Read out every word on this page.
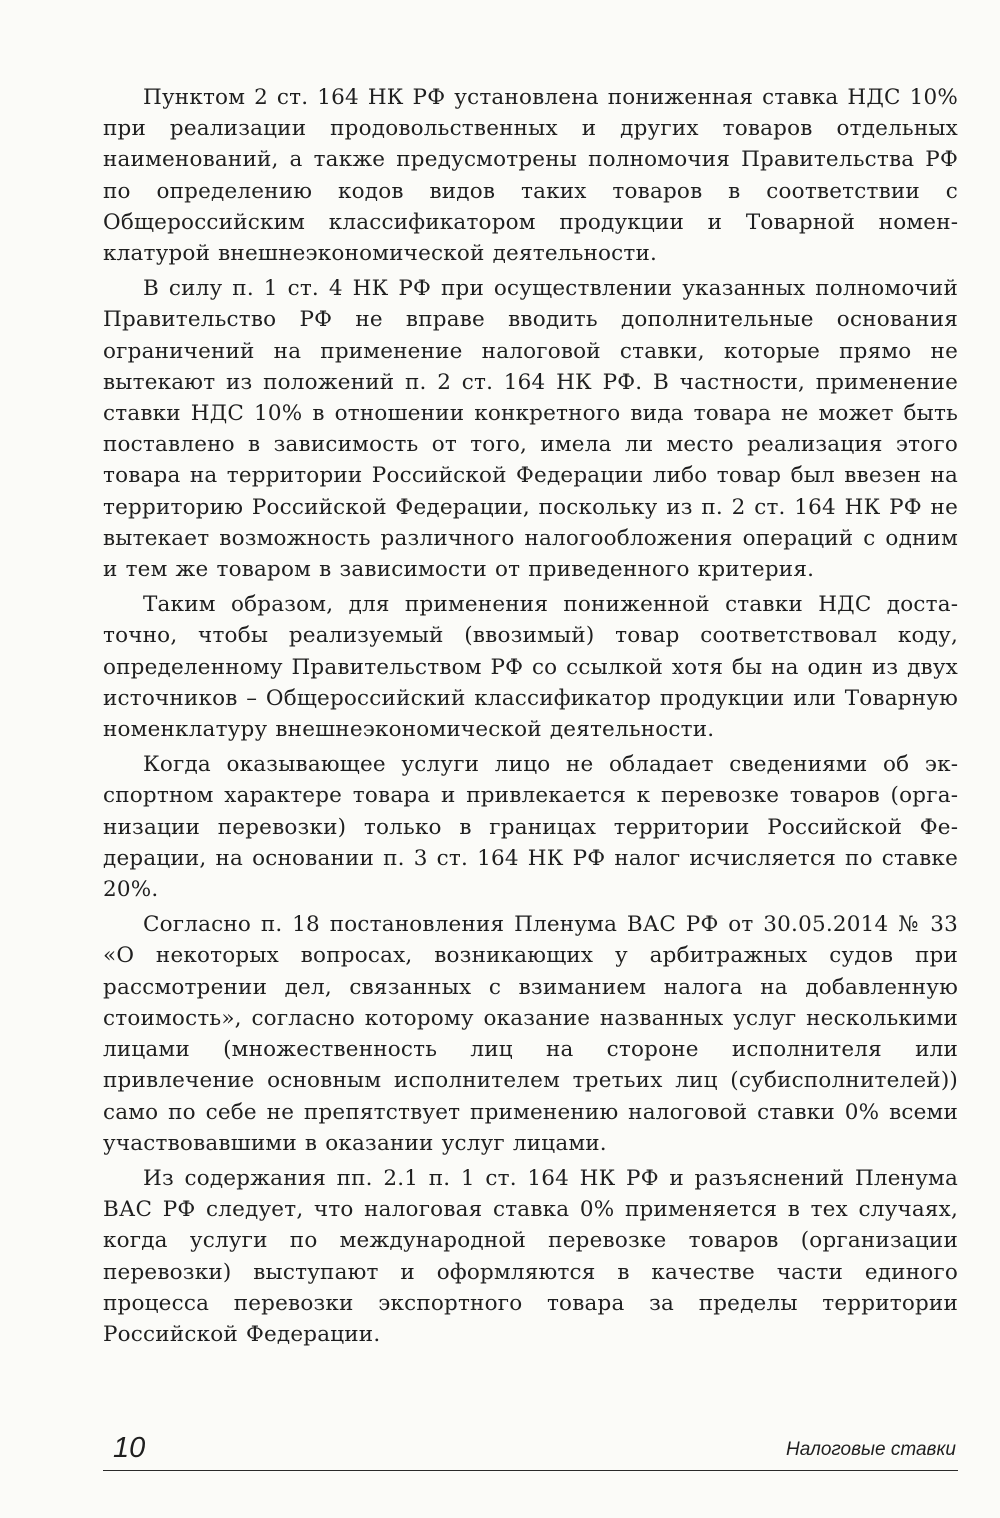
Пунктом 2 ст. 164 НК РФ установлена пониженная ставка НДС 10% при реализации продовольственных и других товаров отдельных наименований, а также предусмотрены полномочия Правительства РФ по определению кодов видов таких товаров в соответствии с Общероссийским классификатором продукции и Товарной номенклатурой внешнеэкономической деятельности.

В силу п. 1 ст. 4 НК РФ при осуществлении указанных полномочий Правительство РФ не вправе вводить дополнительные основания ограничений на применение налоговой ставки, которые прямо не вытекают из положений п. 2 ст. 164 НК РФ. В частности, применение ставки НДС 10% в отношении конкретного вида товара не может быть поставлено в зависимость от того, имела ли место реализация этого товара на территории Российской Федерации либо товар был ввезен на территорию Российской Федерации, поскольку из п. 2 ст. 164 НК РФ не вытекает возможность различного налогообложения операций с одним и тем же товаром в зависимости от приведенного критерия.

Таким образом, для применения пониженной ставки НДС достаточно, чтобы реализуемый (ввозимый) товар соответствовал коду, определенному Правительством РФ со ссылкой хотя бы на один из двух источников – Общероссийский классификатор продукции или Товарную номенклатуру внешнеэкономической деятельности.

Когда оказывающее услуги лицо не обладает сведениями об экспортном характере товара и привлекается к перевозке товаров (организации перевозки) только в границах территории Российской Федерации, на основании п. 3 ст. 164 НК РФ налог исчисляется по ставке 20%.

Согласно п. 18 постановления Пленума ВАС РФ от 30.05.2014 № 33 «О некоторых вопросах, возникающих у арбитражных судов при рассмотрении дел, связанных с взиманием налога на добавленную стоимость», согласно которому оказание названных услуг несколькими лицами (множественность лиц на стороне исполнителя или привлечение основным исполнителем третьих лиц (субисполнителей)) само по себе не препятствует применению налоговой ставки 0% всеми участвовавшими в оказании услуг лицами.

Из содержания пп. 2.1 п. 1 ст. 164 НК РФ и разъяснений Пленума ВАС РФ следует, что налоговая ставка 0% применяется в тех случаях, когда услуги по международной перевозке товаров (организации перевозки) выступают и оформляются в качестве части единого процесса перевозки экспортного товара за пределы территории Российской Федерации.

10	Налоговые ставки
